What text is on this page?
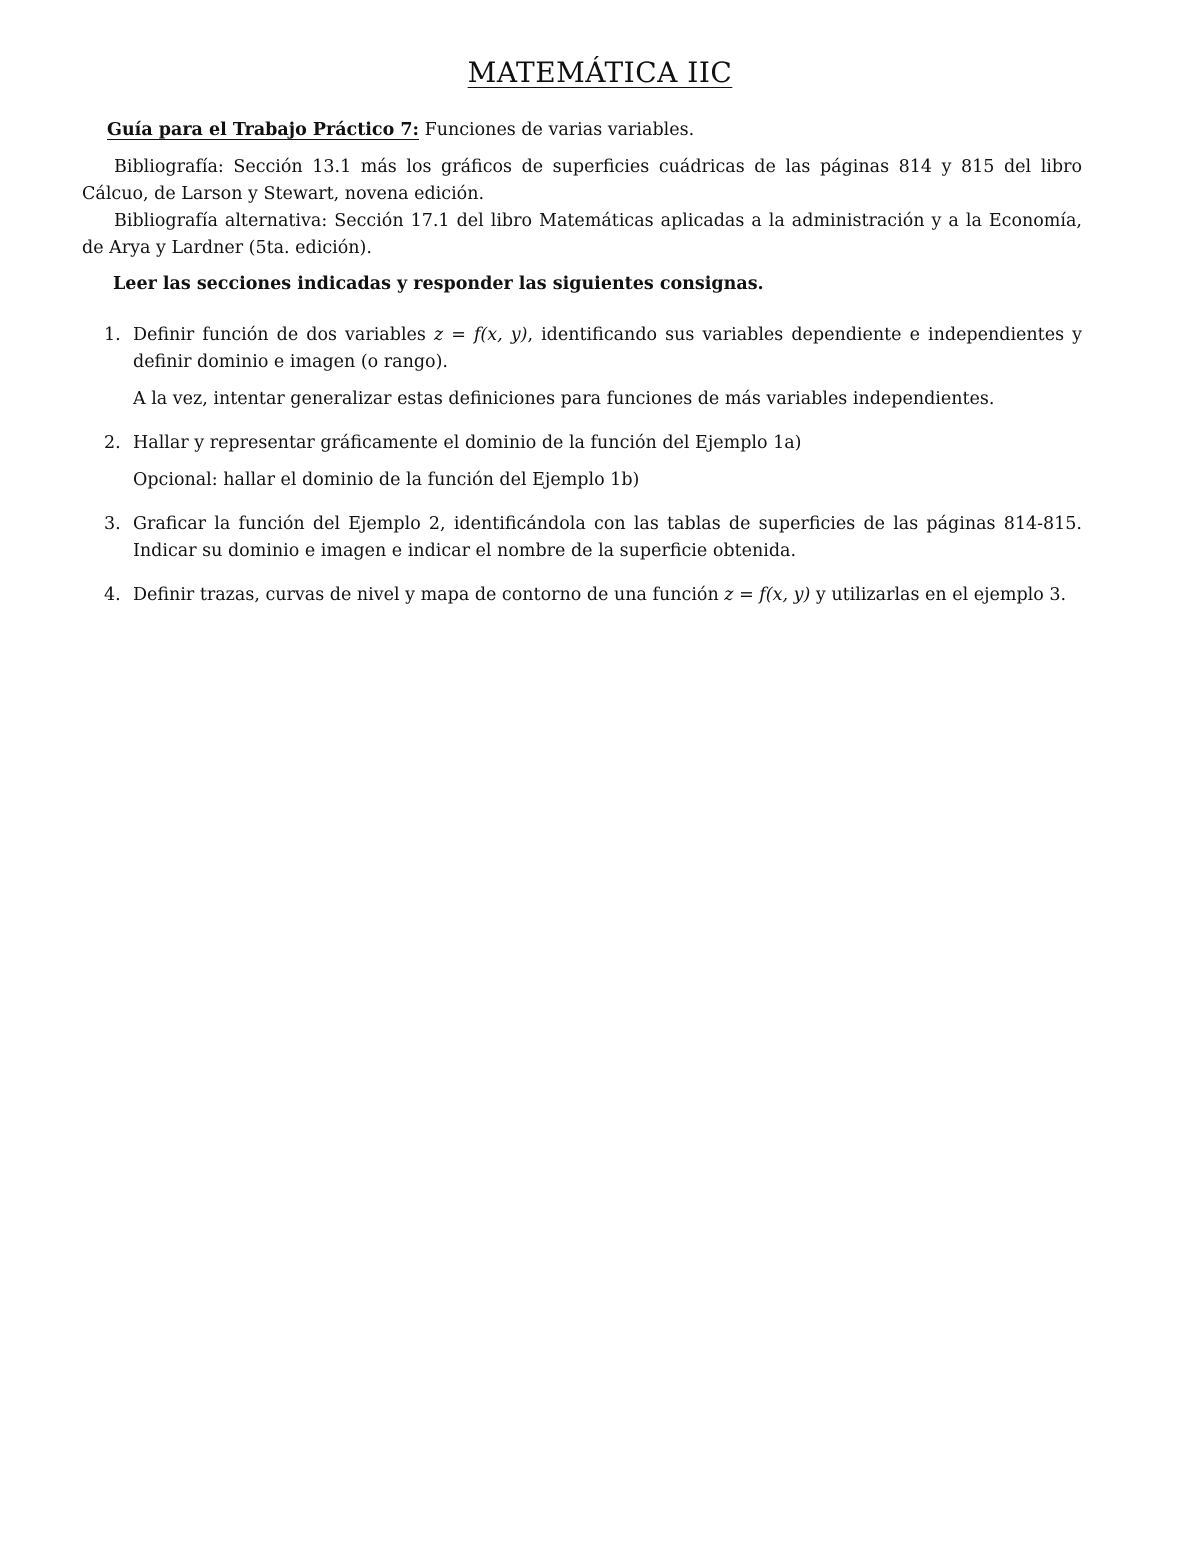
MATEMÁTICA IIC
Guía para el Trabajo Práctico 7: Funciones de varias variables.

Bibliografía: Sección 13.1 más los gráficos de superficies cuádricas de las páginas 814 y 815 del libro Cálcuo, de Larson y Stewart, novena edición.

Bibliografía alternativa: Sección 17.1 del libro Matemáticas aplicadas a la administración y a la Economía, de Arya y Lardner (5ta. edición).

Leer las secciones indicadas y responder las siguientes consignas.

1. Definir función de dos variables z = f(x, y), identificando sus variables dependiente e independientes y definir dominio e imagen (o rango).
A la vez, intentar generalizar estas definiciones para funciones de más variables independientes.
2. Hallar y representar gráficamente el dominio de la función del Ejemplo 1a)
Opcional: hallar el dominio de la función del Ejemplo 1b)
3. Graficar la función del Ejemplo 2, identificándola con las tablas de superficies de las páginas 814-815. Indicar su dominio e imagen e indicar el nombre de la superficie obtenida.
4. Definir trazas, curvas de nivel y mapa de contorno de una función z = f(x, y) y utilizarlas en el ejemplo 3.
